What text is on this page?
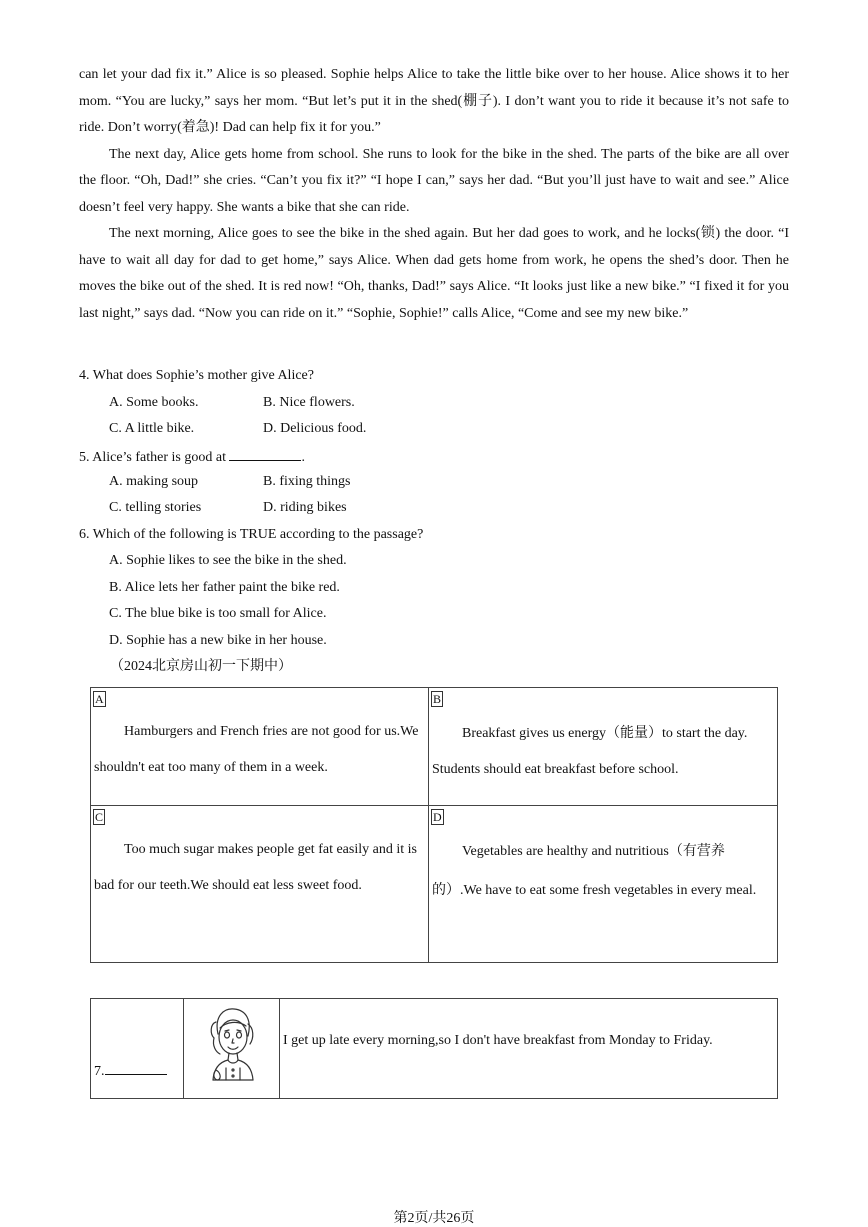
can let your dad fix it.” Alice is so pleased. Sophie helps Alice to take the little bike over to her house. Alice shows it to her mom. “You are lucky,” says her mom. “But let’s put it in the shed(棚子). I don’t want you to ride it because it’s not safe to ride. Don’t worry(着急)! Dad can help fix it for you.”

The next day, Alice gets home from school. She runs to look for the bike in the shed. The parts of the bike are all over the floor. “Oh, Dad!” she cries. “Can’t you fix it?” “I hope I can,” says her dad. “But you’ll just have to wait and see.” Alice doesn’t feel very happy. She wants a bike that she can ride.

The next morning, Alice goes to see the bike in the shed again. But her dad goes to work, and he locks(锁) the door. “I have to wait all day for dad to get home,” says Alice. When dad gets home from work, he opens the shed’s door. Then he moves the bike out of the shed. It is red now! “Oh, thanks, Dad!” says Alice. “It looks just like a new bike.” “I fixed it for you last night,” says dad. “Now you can ride on it.” “Sophie, Sophie!” calls Alice, “Come and see my new bike.”

4. What does Sophie’s mother give Alice?
A. Some books.	B. Nice flowers.
C. A little bike.	D. Delicious food.
5. Alice’s father is good at	.
A. making soup	B. fixing things
C. telling stories	D. riding bikes
6. Which of the following is TRUE according to the passage?
A. Sophie likes to see the bike in the shed.
B. Alice lets her father paint the bike red.
C. The blue bike is too small for Alice.
D. Sophie has a new bike in her house.
（2024北京房山初一下期中）
A
Hamburgers and French fries are not good for us.We shouldn't eat too many of them in a week.	B
Breakfast gives us energy（能量）to start the day. Students should eat breakfast before school.

C
Too much sugar makes people get fat easily and it is bad for our teeth.We should eat less sweet food.	D
Vegetables are healthy and nutritious（有营养的）.We have to eat some fresh vegetables in every meal.
7.

I get up late every morning,so I don't have breakfast from Monday to Friday.
第2页/共26页
